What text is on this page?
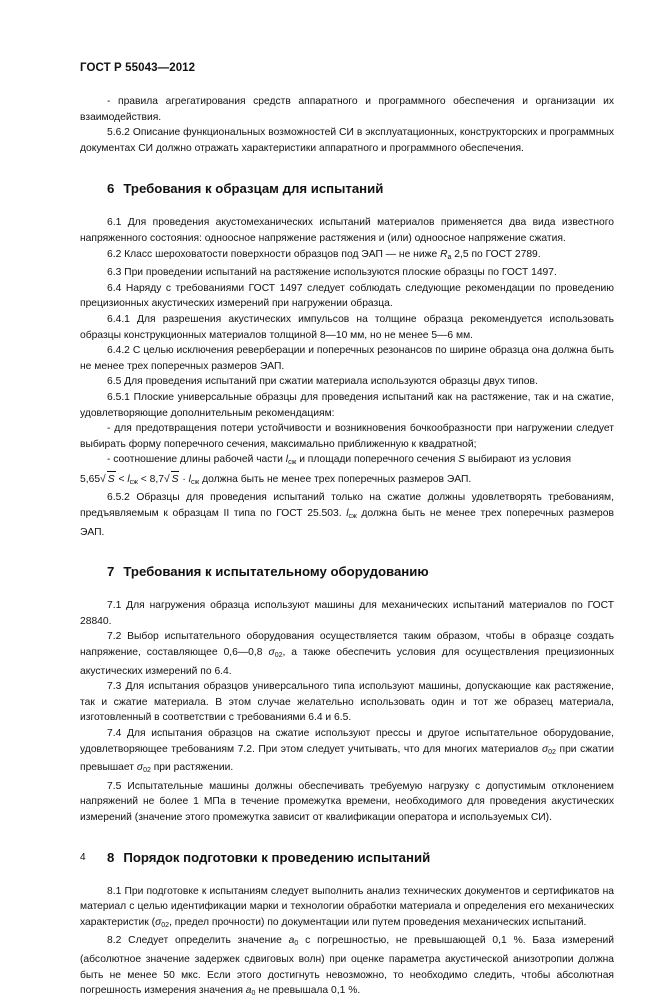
ГОСТ Р 55043—2012

- правила агрегатирования средств аппаратного и программного обеспечения и организации их взаимодействия.

5.6.2 Описание функциональных возможностей СИ в эксплуатационных, конструкторских и программных документах СИ должно отражать характеристики аппаратного и программного обеспечения.

6 Требования к образцам для испытаний

6.1 Для проведения акустомеханических испытаний материалов применяется два вида известного напряженного состояния: одноосное напряжение растяжения и (или) одноосное напряжение сжатия.

6.2 Класс шероховатости поверхности образцов под ЭАП — не ниже $R_a$ 2,5 по ГОСТ 2789.

6.3 При проведении испытаний на растяжение используются плоские образцы по ГОСТ 1497.

6.4 Наряду с требованиями ГОСТ 1497 следует соблюдать следующие рекомендации по проведению прецизионных акустических измерений при нагружении образца.

6.4.1 Для разрешения акустических импульсов на толщине образца рекомендуется использовать образцы конструкционных материалов толщиной 8—10 мм, но не менее 5—6 мм.

6.4.2 С целью исключения реверберации и поперечных резонансов по ширине образца она должна быть не менее трех поперечных размеров ЭАП.

6.5 Для проведения испытаний при сжатии материала используются образцы двух типов.

6.5.1 Плоские универсальные образцы для проведения испытаний как на растяжение, так и на сжатие, удовлетворяющие дополнительным рекомендациям:

- для предотвращения потери устойчивости и возникновения бочкообразности при нагружении следует выбирать форму поперечного сечения, максимально приближенную к квадратной;

- соотношение длины рабочей части $l_{сж}$ и площади поперечного сечения S выбирают из условия

5,65√ $S < l_{сж} < 8,7√$ $S \cdot l_{сж}$ должна быть не менее трех поперечных размеров ЭАП.

6.5.2 Образцы для проведения испытаний только на сжатие должны удовлетворять требованиям, предъявляемым к образцам II типа по ГОСТ 25.503. $l_{сж}$ должна быть не менее трех поперечных размеров ЭАП.

7 Требования к испытательному оборудованию

7.1 Для нагружения образца используют машины для механических испытаний материалов по ГОСТ 28840.

7.2 Выбор испытательного оборудования осуществляется таким образом, чтобы в образце создать напряжение, составляющее 0,6—0,8 $\sigma_{02}$, а также обеспечить условия для осуществления прецизионных акустических измерений по 6.4.

7.3 Для испытания образцов универсального типа используют машины, допускающие как растяжение, так и сжатие материала. В этом случае желательно использовать один и тот же образец материала, изготовленный в соответствии с требованиями 6.4 и 6.5.

7.4 Для испытания образцов на сжатие используют прессы и другое испытательное оборудование, удовлетворяющее требованиям 7.2. При этом следует учитывать, что для многих материалов $\sigma_{02}$ при сжатии превышает $\sigma_{02}$ при растяжении.

7.5 Испытательные машины должны обеспечивать требуемую нагрузку с допустимым отклонением напряжений не более 1 МПа в течение промежутка времени, необходимого для проведения акустических измерений (значение этого промежутка зависит от квалификации оператора и используемых СИ).

8 Порядок подготовки к проведению испытаний

8.1 При подготовке к испытаниям следует выполнить анализ технических документов и сертификатов на материал с целью идентификации марки и технологии обработки материала и определения его механических характеристик ($\sigma_{02}$, предел прочности) по документации или путем проведения механических испытаний.

8.2 Следует определить значение $a_0$ с погрешностью, не превышающей 0,1 %. База измерений (абсолютное значение задержек сдвиговых волн) при оценке параметра акустической анизотропии должна быть не менее 50 мкс. Если этого достигнуть невозможно, то необходимо следить, чтобы абсолютная погрешность измерения значения $a_0$ не превышала 0,1 %.

4
